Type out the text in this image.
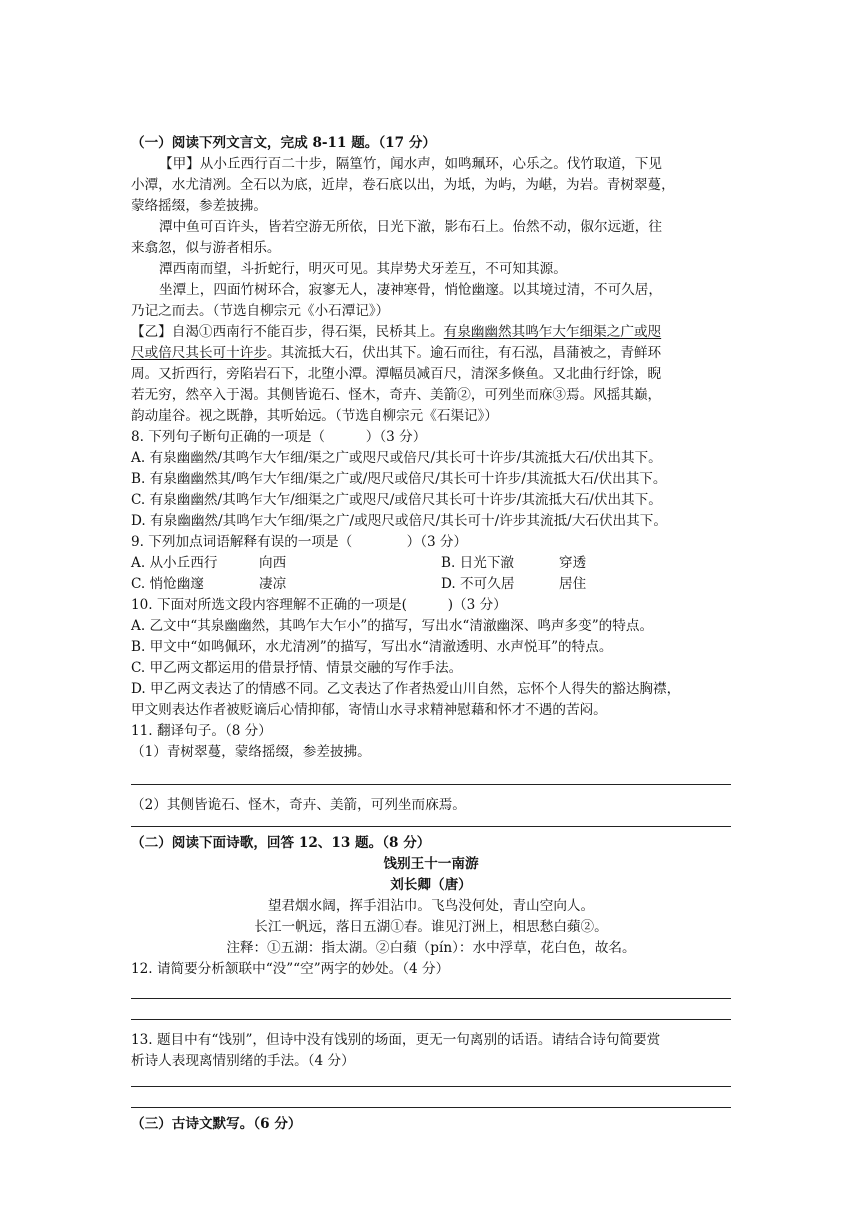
（一）阅读下列文言文，完成 8-11 题。（17 分）

【甲】从小丘西行百二十步，隔篁竹，闻水声，如鸣珮环，心乐之。伐竹取道，下见

小潭，水尤清冽。全石以为底，近岸，卷石底以出，为坻，为屿，为嵁，为岩。青树翠蔓，

蒙络摇缀，参差披拂。

潭中鱼可百许头，皆若空游无所依，日光下澈，影布石上。佁然不动，俶尔远逝，往

来翕忽，似与游者相乐。

潭西南而望，斗折蛇行，明灭可见。其岸势犬牙差互，不可知其源。

坐潭上，四面竹树环合，寂寥无人，凄神寒骨，悄怆幽邃。以其境过清，不可久居，

乃记之而去。（节选自柳宗元《小石潭记》）

【乙】自渴①西南行不能百步，得石渠，民桥其上。有泉幽幽然其鸣乍大乍细渠之广或咫

尺或倍尺其长可十许步。其流抵大石，伏出其下。逾石而往，有石泓，昌蒲被之，青鲜环

周。又折西行，旁陷岩石下，北堕小潭。潭幅员减百尺，清深多倏鱼。又北曲行纡馀，睨

若无穷，然卒入于渴。其侧皆诡石、怪木，奇卉、美箭②，可列坐而庥③焉。风摇其巅，

韵动崖谷。视之既静，其听始远。（节选自柳宗元《石渠记》）

8. 下列句子断句正确的一项是（　　　）（3 分）

A. 有泉幽幽然/其鸣乍大乍细/渠之广或咫尺或倍尺/其长可十许步/其流抵大石/伏出其下。

B. 有泉幽幽然其/鸣乍大乍细/渠之广或/咫尺或倍尺/其长可十许步/其流抵大石/伏出其下。

C. 有泉幽幽然/其鸣乍大乍/细渠之广或咫尺/或倍尺其长可十许步/其流抵大石/伏出其下。

D. 有泉幽幽然/其鸣乍大乍细/渠之广/或咫尺或倍尺/其长可十/许步其流抵/大石伏出其下。

9. 下列加点词语解释有误的一项是（　　　　）（3 分）

A. 从小丘西行	向西	B. 日光下澈	穿透
C. 悄怆幽邃	凄凉	D. 不可久居	居住

10. 下面对所选文段内容理解不正确的一项是(　　　)（3 分）

A. 乙文中“其泉幽幽然，其鸣乍大乍小”的描写，写出水“清澈幽深、鸣声多变”的特点。

B. 甲文中“如鸣佩环，水尤清冽”的描写，写出水“清澈透明、水声悦耳”的特点。

C. 甲乙两文都运用的借景抒情、情景交融的写作手法。

D. 甲乙两文表达了的情感不同。乙文表达了作者热爱山川自然，忘怀个人得失的豁达胸襟，

甲文则表达作者被贬谪后心情抑郁，寄情山水寻求精神慰藉和怀才不遇的苦闷。

11. 翻译句子。（8 分）

（1）青树翠蔓，蒙络摇缀，参差披拂。

（2）其侧皆诡石、怪木，奇卉、美箭，可列坐而庥焉。

（二）阅读下面诗歌，回答 12、13 题。（8 分）

饯别王十一南游

刘长卿（唐）

望君烟水阔，挥手泪沾巾。飞鸟没何处，青山空向人。

长江一帆远，落日五湖①春。谁见汀洲上，相思愁白蘋②。

注释：①五湖：指太湖。②白蘋（pín）：水中浮草，花白色，故名。

12. 请简要分析颔联中“没”“空”两字的妙处。（4 分）

13. 题目中有“饯别”，但诗中没有饯别的场面，更无一句离别的话语。请结合诗句简要赏

析诗人表现离情别绪的手法。（4 分）

（三）古诗文默写。（6 分）
